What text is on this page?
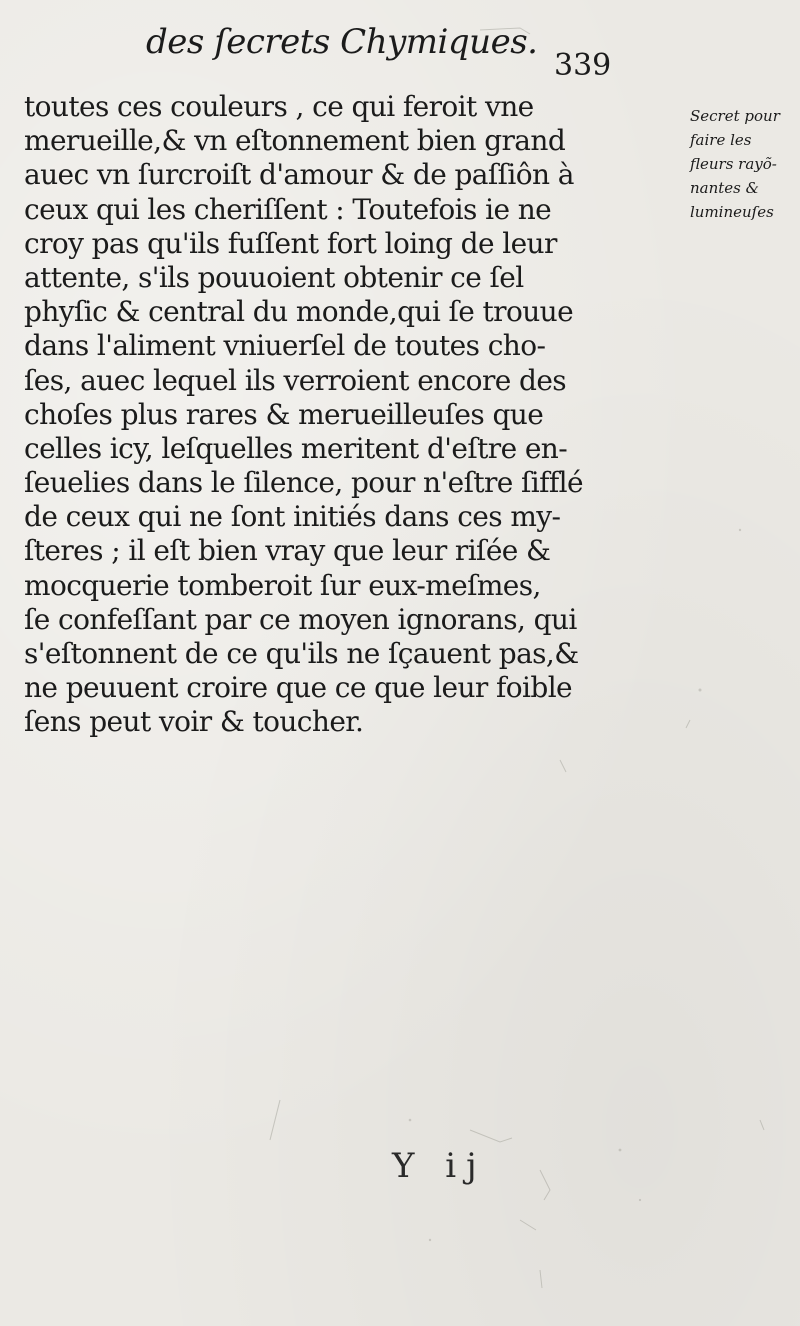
des ſecrets Chymiques.
339
toutes ces couleurs , ce qui feroit vne
merueille,& vn eſtonnement bien grand
auec vn ſurcroiſt d'amour & de paſſiôn à
ceux qui les cheriſſent : Toutefois ie ne
croy pas qu'ils fuſſent fort loing de leur
attente, s'ils pouuoient obtenir ce ſel
phyſic & central du monde,qui ſe trouue
dans l'aliment vniuerſel de toutes cho-
ſes, auec lequel ils verroient encore des
choſes plus rares & merueilleuſes que
celles icy, leſquelles meritent d'eſtre en-
ſeuelies dans le ſilence, pour n'eſtre ſifflé
de ceux qui ne ſont initiés dans ces my-
ſteres ; il eſt bien vray que leur riſée &
mocquerie tomberoit ſur eux-meſmes,
ſe confeſſant par ce moyen ignorans, qui
s'eſtonnent de ce qu'ils ne ſçauent pas,&
ne peuuent croire que ce que leur foible
ſens peut voir & toucher.
Secret pour
faire les
fleurs rayõ-
nantes &
lumineuſes
Y ij
